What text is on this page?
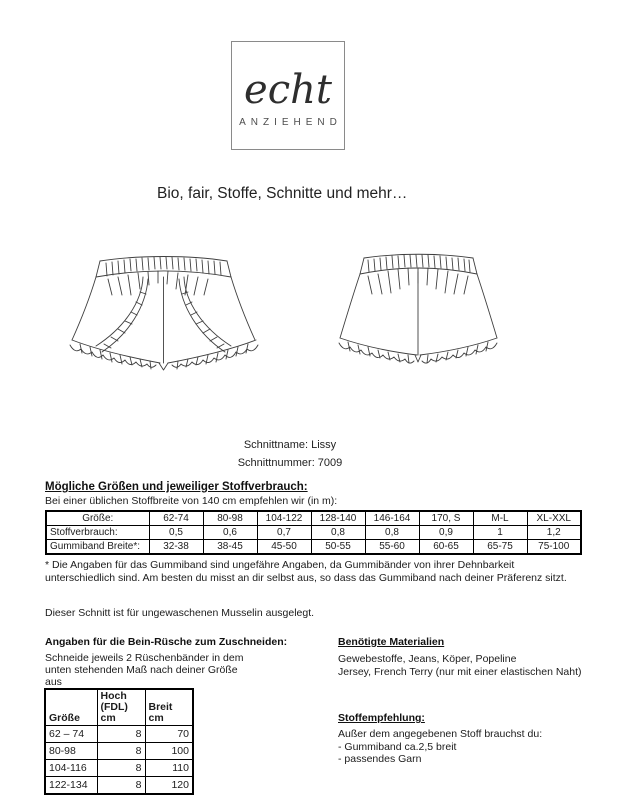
echt
ANZIEHEND
Bio, fair, Stoffe, Schnitte und mehr…
Schnittname: Lissy
Schnittnummer: 7009
Mögliche Größen und jeweiliger Stoffverbrauch:
Bei einer üblichen Stoffbreite von 140 cm empfehlen wir (in m):
Größe:	62-74	80-98	104-122	128-140	146-164	170, S	M-L	XL-XXL
Stoffverbrauch:	0,5	0,6	0,7	0,8	0,8	0,9	1	1,2
Gummiband Breite*:	32-38	38-45	45-50	50-55	55-60	60-65	65-75	75-100
* Die Angaben für das Gummiband sind ungefähre Angaben, da Gummibänder von ihrer Dehnbarkeit unterschiedlich sind. Am besten du misst an dir selbst aus, so dass das Gummiband nach deiner Präferenz sitzt.
Dieser Schnitt ist für ungewaschenen Musselin ausgelegt.
Angaben für die Bein-Rüsche zum Zuschneiden:
Schneide jeweils 2 Rüschenbänder in dem
unten stehenden Maß nach deiner Größe
aus
Größe	Hoch (FDL) cm	Breit cm
62 – 74	8	70
80-98	8	100
104-116	8	110
122-134	8	120
Benötigte Materialien
Gewebestoffe, Jeans, Köper, Popeline
Jersey, French Terry (nur mit einer elastischen Naht)
Stoffempfehlung:
Außer dem angegebenen Stoff brauchst du:
- Gummiband ca.2,5 breit
- passendes Garn
